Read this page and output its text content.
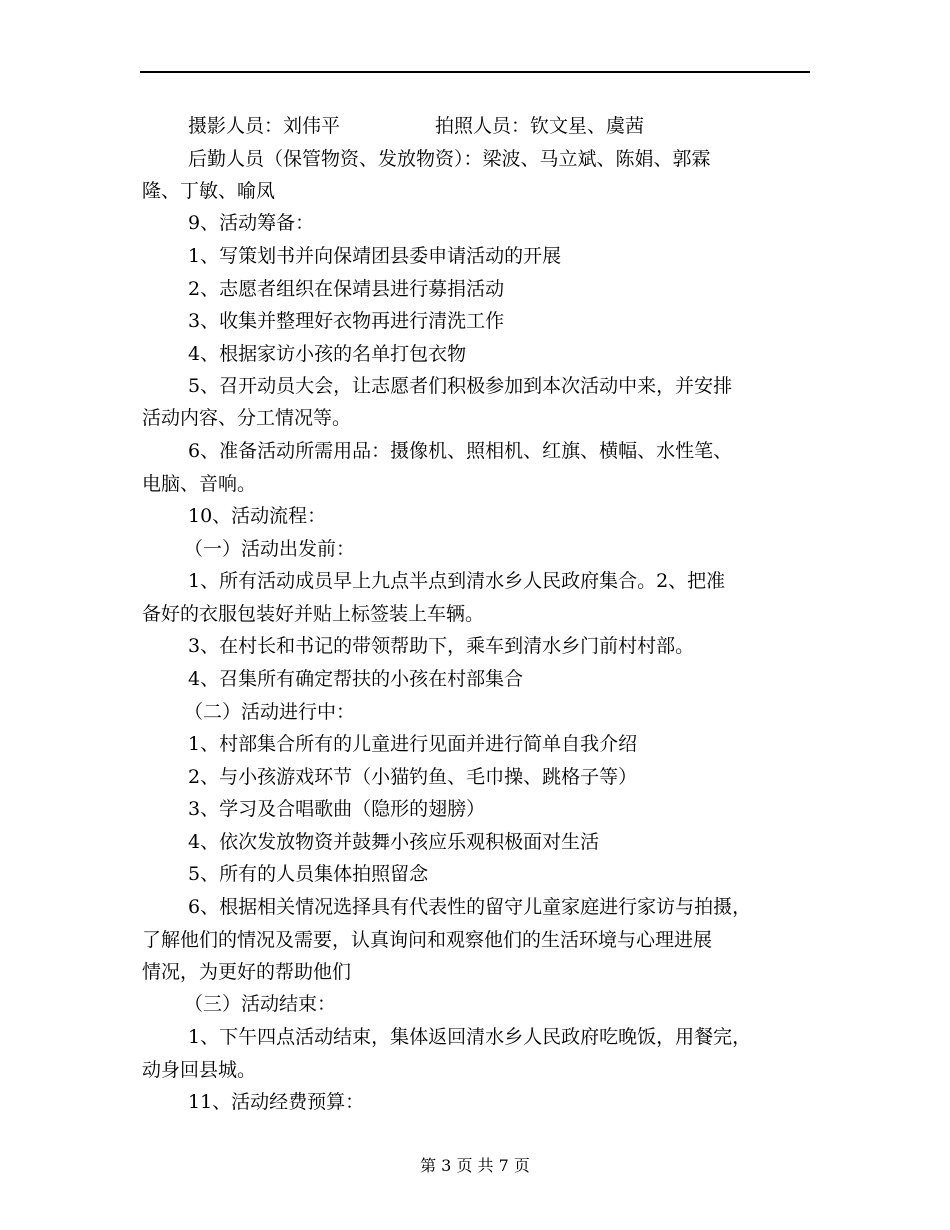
摄影人员：刘伟平　　　　　拍照人员：钦文星、虞茜
后勤人员（保管物资、发放物资）：梁波、马立斌、陈娟、郭霖
隆、丁敏、喻凤
9、活动筹备：
1、写策划书并向保靖团县委申请活动的开展
2、志愿者组织在保靖县进行募捐活动
3、收集并整理好衣物再进行清洗工作
4、根据家访小孩的名单打包衣物
5、召开动员大会，让志愿者们积极参加到本次活动中来，并安排
活动内容、分工情况等。
6、准备活动所需用品：摄像机、照相机、红旗、横幅、水性笔、
电脑、音响。
10、活动流程：
（一）活动出发前：
1、所有活动成员早上九点半点到清水乡人民政府集合。2、把准
备好的衣服包装好并贴上标签装上车辆。
3、在村长和书记的带领帮助下，乘车到清水乡门前村村部。
4、召集所有确定帮扶的小孩在村部集合
（二）活动进行中：
1、村部集合所有的儿童进行见面并进行简单自我介绍
2、与小孩游戏环节（小猫钓鱼、毛巾操、跳格子等）
3、学习及合唱歌曲（隐形的翅膀）
4、依次发放物资并鼓舞小孩应乐观积极面对生活
5、所有的人员集体拍照留念
6、根据相关情况选择具有代表性的留守儿童家庭进行家访与拍摄，
了解他们的情况及需要，认真询问和观察他们的生活环境与心理进展
情况，为更好的帮助他们
（三）活动结束：
1、下午四点活动结束，集体返回清水乡人民政府吃晚饭，用餐完，
动身回县城。
11、活动经费预算：
第 3 页 共 7 页
